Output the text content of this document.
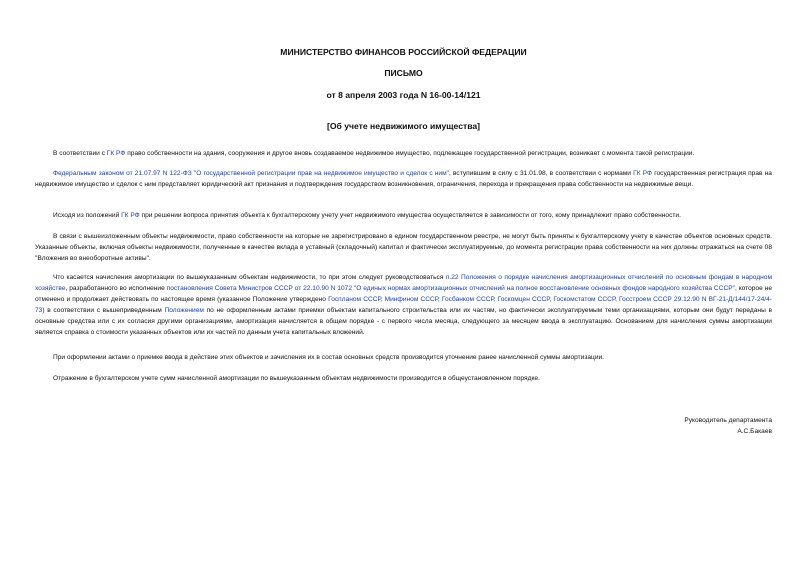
МИНИСТЕРСТВО ФИНАНСОВ РОССИЙСКОЙ ФЕДЕРАЦИИ
ПИСЬМО
от 8 апреля 2003 года N 16-00-14/121
[Об учете недвижимого имущества]
В соответствии с ГК РФ право собственности на здания, сооружения и другое вновь создаваемое недвижимое имущество, подлежащее государственной регистрации, возникает с момента такой регистрации.
Федеральным законом от 21.07.97 N 122-ФЗ "О государственной регистрации прав на недвижимое имущество и сделок с ним", вступившим в силу с 31.01.98, в соответствии с нормами ГК РФ государственная регистрация прав на недвижимое имущество и сделок с ним представляет юридический акт признания и подтверждения государством возникновения, ограничения, перехода и прекращения права собственности на недвижимые вещи.
Исходя из положений ГК РФ при решении вопроса принятия объекта к бухгалтерскому учету учет недвижимого имущества осуществляется в зависимости от того, кому принадлежит право собственности.
В связи с вышеизложенным объекты недвижимости, право собственности на которые не зарегистрировано в едином государственном реестре, не могут быть приняты к бухгалтерскому учету в качестве объектов основных средств. Указанные объекты, включая объекты недвижимости, полученные в качестве вклада в уставный (складочный) капитал и фактически эксплуатируемые, до момента регистрации права собственности на них должны отражаться на счете 08 "Вложения во внеоборотные активы".
Что касается начисления амортизации по вышеуказанным объектам недвижимости, то при этом следует руководствоваться п.22 Положения о порядке начисления амортизационных отчислений по основным фондам в народном хозяйстве, разработанного во исполнение постановления Совета Министров СССР от 22.10.90 N 1072 "О единых нормах амортизационных отчислений на полное восстановление основных фондов народного хозяйства СССР", которое не отменено и продолжает действовать по настоящее время (указанное Положение утверждено Госпланом СССР, Минфином СССР, Госбанком СССР, Госкомцен СССР, Госкомстатом СССР, Госстроем СССР 29.12.90 N ВГ-21-Д/144/17-24/4-73) в соответствии с вышеприведенным Положением по не оформленным актами приемки объектам капитального строительства или их частям, но фактически эксплуатируемым теми организациями, которым они будут переданы в основные средства или с их согласия другими организациями, амортизация начисляется в общем порядке - с первого числа месяца, следующего за месяцем ввода в эксплуатацию. Основанием для начисления суммы амортизации является справка о стоимости указанных объектов или их частей по данным учета капитальных вложений.
При оформлении актами о приемке ввода в действие этих объектов и зачисления их в состав основных средств производится уточнение ранее начисленной суммы амортизации.
Отражение в бухгалтерском учете сумм начисленной амортизации по вышеуказанным объектам недвижимости производится в общеустановленном порядке.
Руководитель департамента
А.С.Бакаев
